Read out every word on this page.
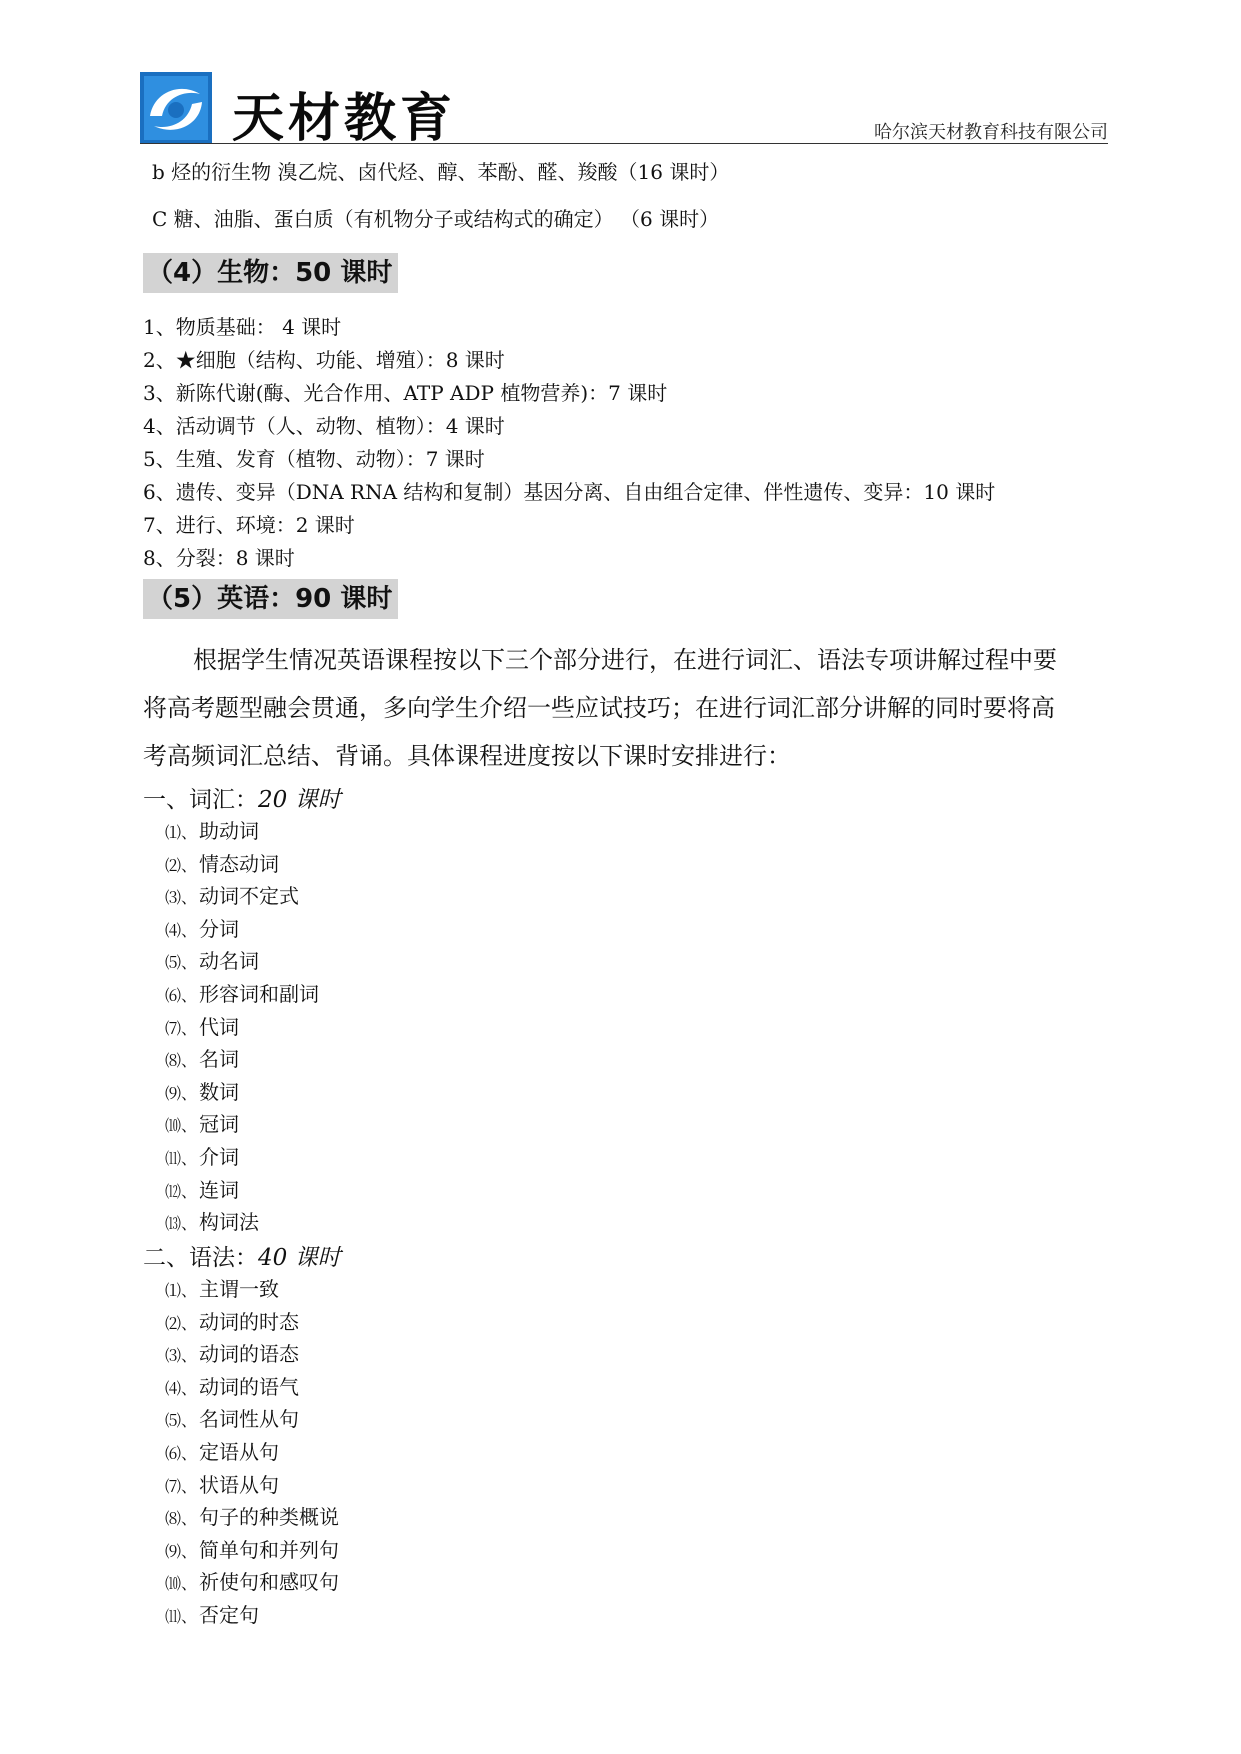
天材教育	哈尔滨天材教育科技有限公司
b 烃的衍生物 溴乙烷、卤代烃、醇、苯酚、醛、羧酸（16 课时）
C 糖、油脂、蛋白质（有机物分子或结构式的确定） （6 课时）
（4）生物：50 课时
1、物质基础： 4 课时
2、★细胞（结构、功能、增殖）：8 课时
3、新陈代谢(酶、光合作用、ATP ADP 植物营养)：7 课时
4、活动调节（人、动物、植物）：4 课时
5、生殖、发育（植物、动物）：7 课时
6、遗传、变异（DNA RNA 结构和复制）基因分离、自由组合定律、伴性遗传、变异：10 课时
7、进行、环境：2 课时
8、分裂：8 课时
（5）英语：90 课时

根据学生情况英语课程按以下三个部分进行，在进行词汇、语法专项讲解过程中要

将高考题型融会贯通，多向学生介绍一些应试技巧；在进行词汇部分讲解的同时要将高

考高频词汇总结、背诵。具体课程进度按以下课时安排进行：

一、词汇：20 课时
⑴、 助动词
⑵、 情态动词
⑶、 动词不定式
⑷、 分词
⑸、 动名词
⑹、 形容词和副词
⑺、 代词
⑻、 名词
⑼、 数词
⑽、 冠词
⑾、 介词
⑿、 连词
⒀、 构词法
二、语法：40 课时
⑴、 主谓一致
⑵、 动词的时态
⑶、 动词的语态
⑷、 动词的语气
⑸、 名词性从句
⑹、 定语从句
⑺、 状语从句
⑻、 句子的种类概说
⑼、 简单句和并列句
⑽、 祈使句和感叹句
⑾、 否定句
